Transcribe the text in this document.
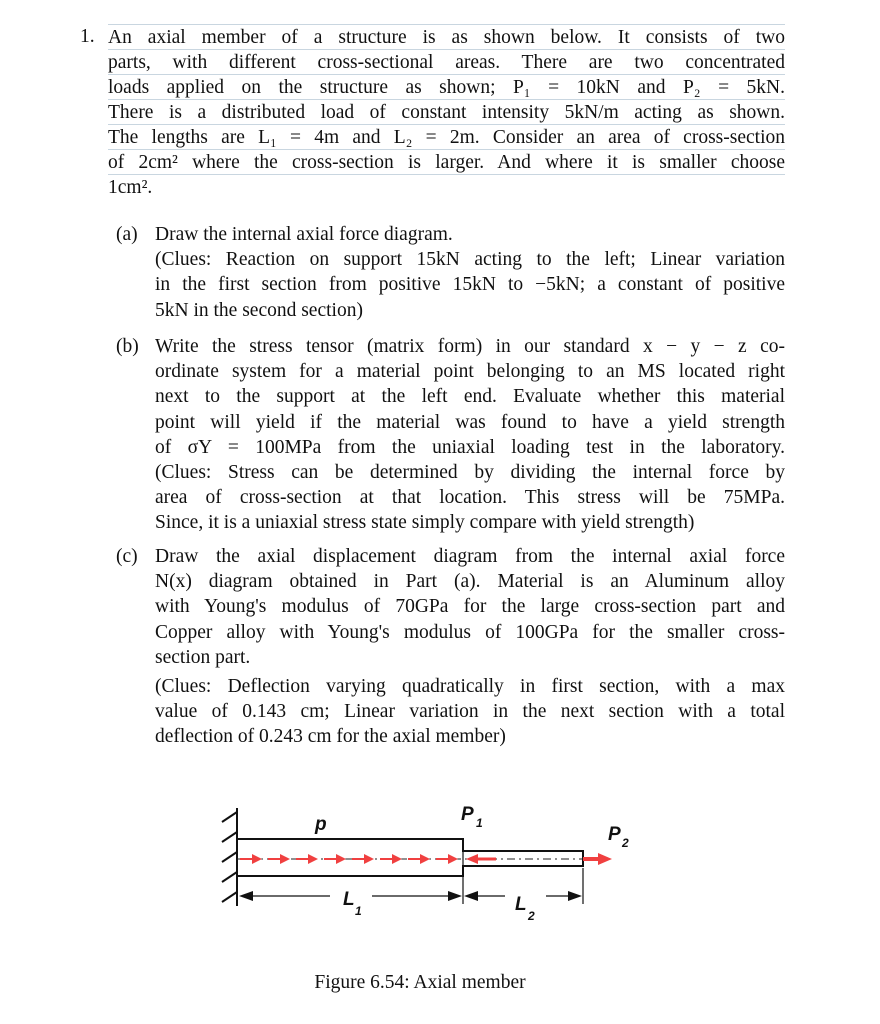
1. An axial member of a structure is as shown below. It consists of two
parts, with different cross-sectional areas. There are two concentrated
loads applied on the structure as shown; P₁ = 10kN and P₂ = 5kN.
There is a distributed load of constant intensity 5kN/m acting as shown.
The lengths are L₁ = 4m and L₂ = 2m. Consider an area of cross-section
of 2cm² where the cross-section is larger. And where it is smaller choose
1cm².
(a) Draw the internal axial force diagram.
(Clues: Reaction on support 15kN acting to the left; Linear variation
in the first section from positive 15kN to −5kN; a constant of positive
5kN in the second section)
(b) Write the stress tensor (matrix form) in our standard x − y − z co-
ordinate system for a material point belonging to an MS located right
next to the support at the left end. Evaluate whether this material
point will yield if the material was found to have a yield strength
of σY = 100MPa from the uniaxial loading test in the laboratory.
(Clues: Stress can be determined by dividing the internal force by
area of cross-section at that location. This stress will be 75MPa.
Since, it is a uniaxial stress state simply compare with yield strength)
(c) Draw the axial displacement diagram from the internal axial force
N(x) diagram obtained in Part (a). Material is an Aluminum alloy
with Young's modulus of 70GPa for the large cross-section part and
Copper alloy with Young's modulus of 100GPa for the smaller cross-
section part.
(Clues: Deflection varying quadratically in first section, with a max
value of 0.143 cm; Linear variation in the next section with a total
deflection of 0.243 cm for the axial member)
p	P 1
P 2
L
1	L
2
Figure 6.54: Axial member
